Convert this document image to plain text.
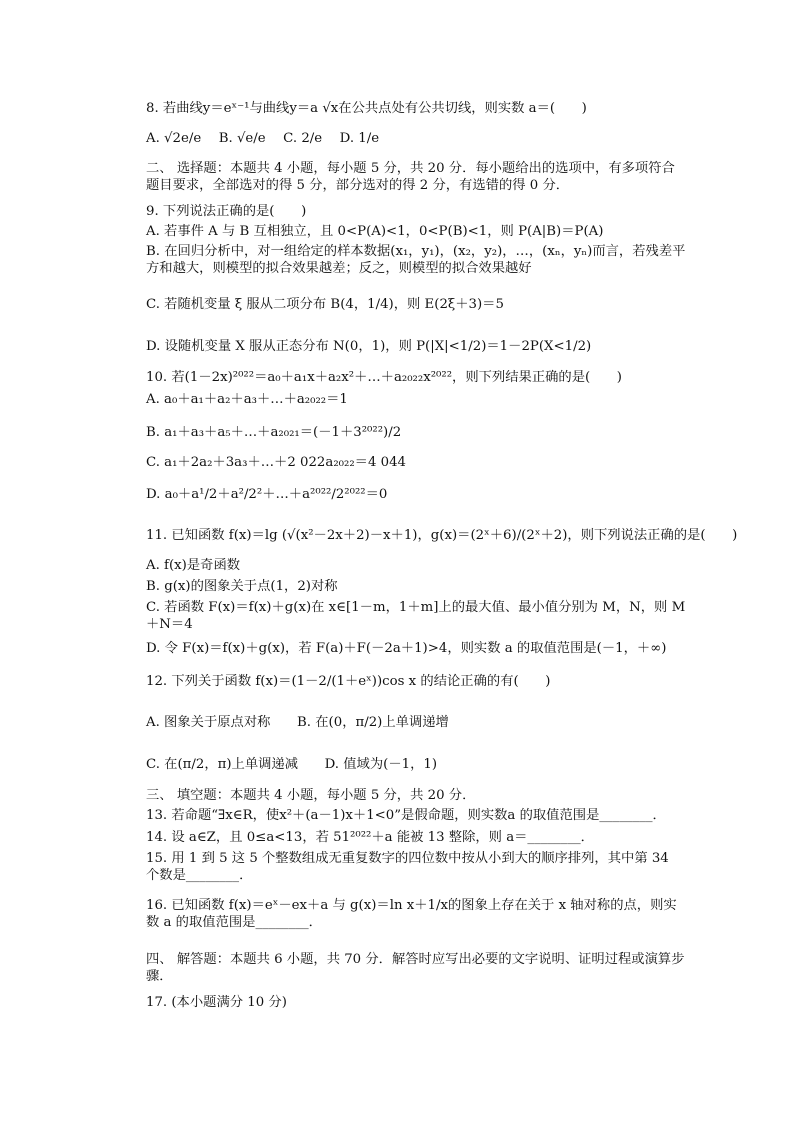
8. 若曲线y＝eˣ⁻¹与曲线y＝a √x在公共点处有公共切线，则实数 a＝(　　)
A. √2e/e　 B. √e/e　 C. 2/e　 D. 1/e
二、 选择题：本题共 4 小题，每小题 5 分，共 20 分．每小题给出的选项中，有多项符合题目要求，全部选对的得 5 分，部分选对的得 2 分，有选错的得 0 分．
9. 下列说法正确的是(　　)
A. 若事件 A 与 B 互相独立，且 0<P(A)<1，0<P(B)<1，则 P(A|B)＝P(A)
B. 在回归分析中，对一组给定的样本数据(x₁，y₁)，(x₂，y₂)，…，(xₙ，yₙ)而言，若残差平方和越大，则模型的拟合效果越差；反之，则模型的拟合效果越好
C. 若随机变量 ξ 服从二项分布 B(4，1/4)，则 E(2ξ＋3)＝5
D. 设随机变量 X 服从正态分布 N(0，1)，则 P(|X|<1/2)＝1－2P(X<1/2)
10. 若(1－2x)²⁰²²＝a₀＋a₁x＋a₂x²＋…＋a₂₀₂₂x²⁰²²，则下列结果正确的是(　　)
A. a₀＋a₁＋a₂＋a₃＋…＋a₂₀₂₂＝1
B. a₁＋a₃＋a₅＋…＋a₂₀₂₁＝(－1＋3²⁰²²)/2
C. a₁＋2a₂＋3a₃＋…＋2 022a₂₀₂₂＝4 044
D. a₀＋a¹/2＋a²/2²＋…＋a²⁰²²/2²⁰²²＝0
11. 已知函数 f(x)＝lg (√(x²－2x＋2)－x＋1)，g(x)＝(2ˣ＋6)/(2ˣ＋2)，则下列说法正确的是(　　)
A. f(x)是奇函数
B. g(x)的图象关于点(1，2)对称
C. 若函数 F(x)＝f(x)＋g(x)在 x∈[1－m，1＋m]上的最大值、最小值分别为 M，N，则 M＋N＝4
D. 令 F(x)＝f(x)＋g(x)，若 F(a)＋F(－2a＋1)>4，则实数 a 的取值范围是(－1，＋∞)
12. 下列关于函数 f(x)＝(1－2/(1＋eˣ))cos x 的结论正确的有(　　)
A. 图象关于原点对称　　B. 在(0，π/2)上单调递增
C. 在(π/2，π)上单调递减　　D. 值域为(－1，1)
三、 填空题：本题共 4 小题，每小题 5 分，共 20 分．
13. 若命题“∃x∈R，使x²＋(a－1)x＋1<0”是假命题，则实数a 的取值范围是________．
14. 设 a∈Z，且 0≤a<13，若 51²⁰²²＋a 能被 13 整除，则 a＝________．
15. 用 1 到 5 这 5 个整数组成无重复数字的四位数中按从小到大的顺序排列，其中第 34 个数是________．
16. 已知函数 f(x)＝eˣ－ex＋a 与 g(x)＝ln x＋1/x的图象上存在关于 x 轴对称的点，则实数 a 的取值范围是________．
四、 解答题：本题共 6 小题，共 70 分．解答时应写出必要的文字说明、证明过程或演算步骤．
17. (本小题满分 10 分)
